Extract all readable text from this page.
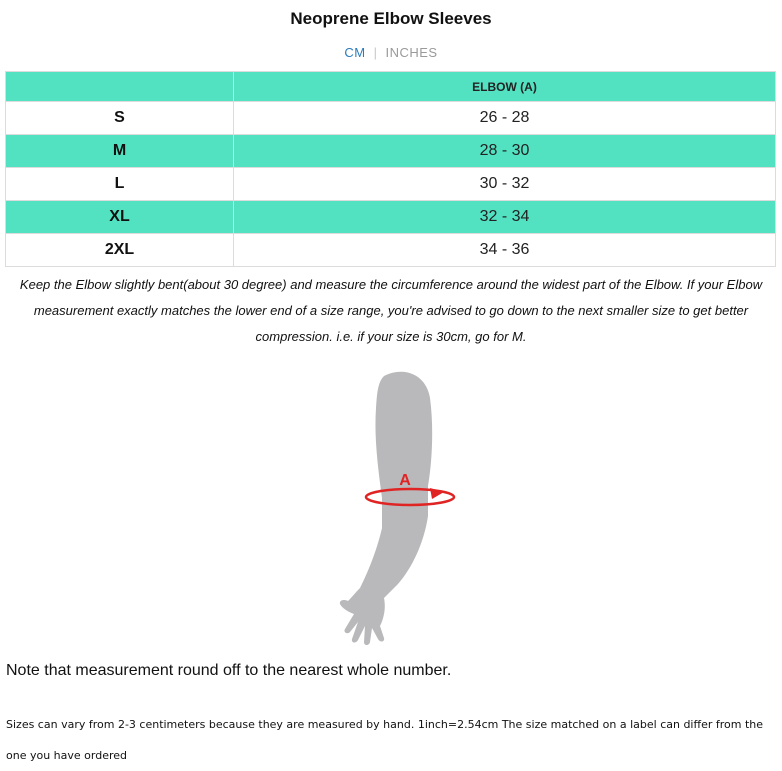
Neoprene Elbow Sleeves
CM | INCHES
	ELBOW (A)
S	26 - 28
M	28 - 30
L	30 - 32
XL	32 - 34
2XL	34 - 36
Keep the Elbow slightly bent(about 30 degree) and measure the circumference around the widest part of the Elbow. If your Elbow measurement exactly matches the lower end of a size range, you're advised to go down to the next smaller size to get better compression. i.e. if your size is 30cm, go for M.
A
Note that measurement round off to the nearest whole number.
Sizes can vary from 2-3 centimeters because they are measured by hand. 1inch=2.54cm The size matched on a label can differ from the one you have ordered
